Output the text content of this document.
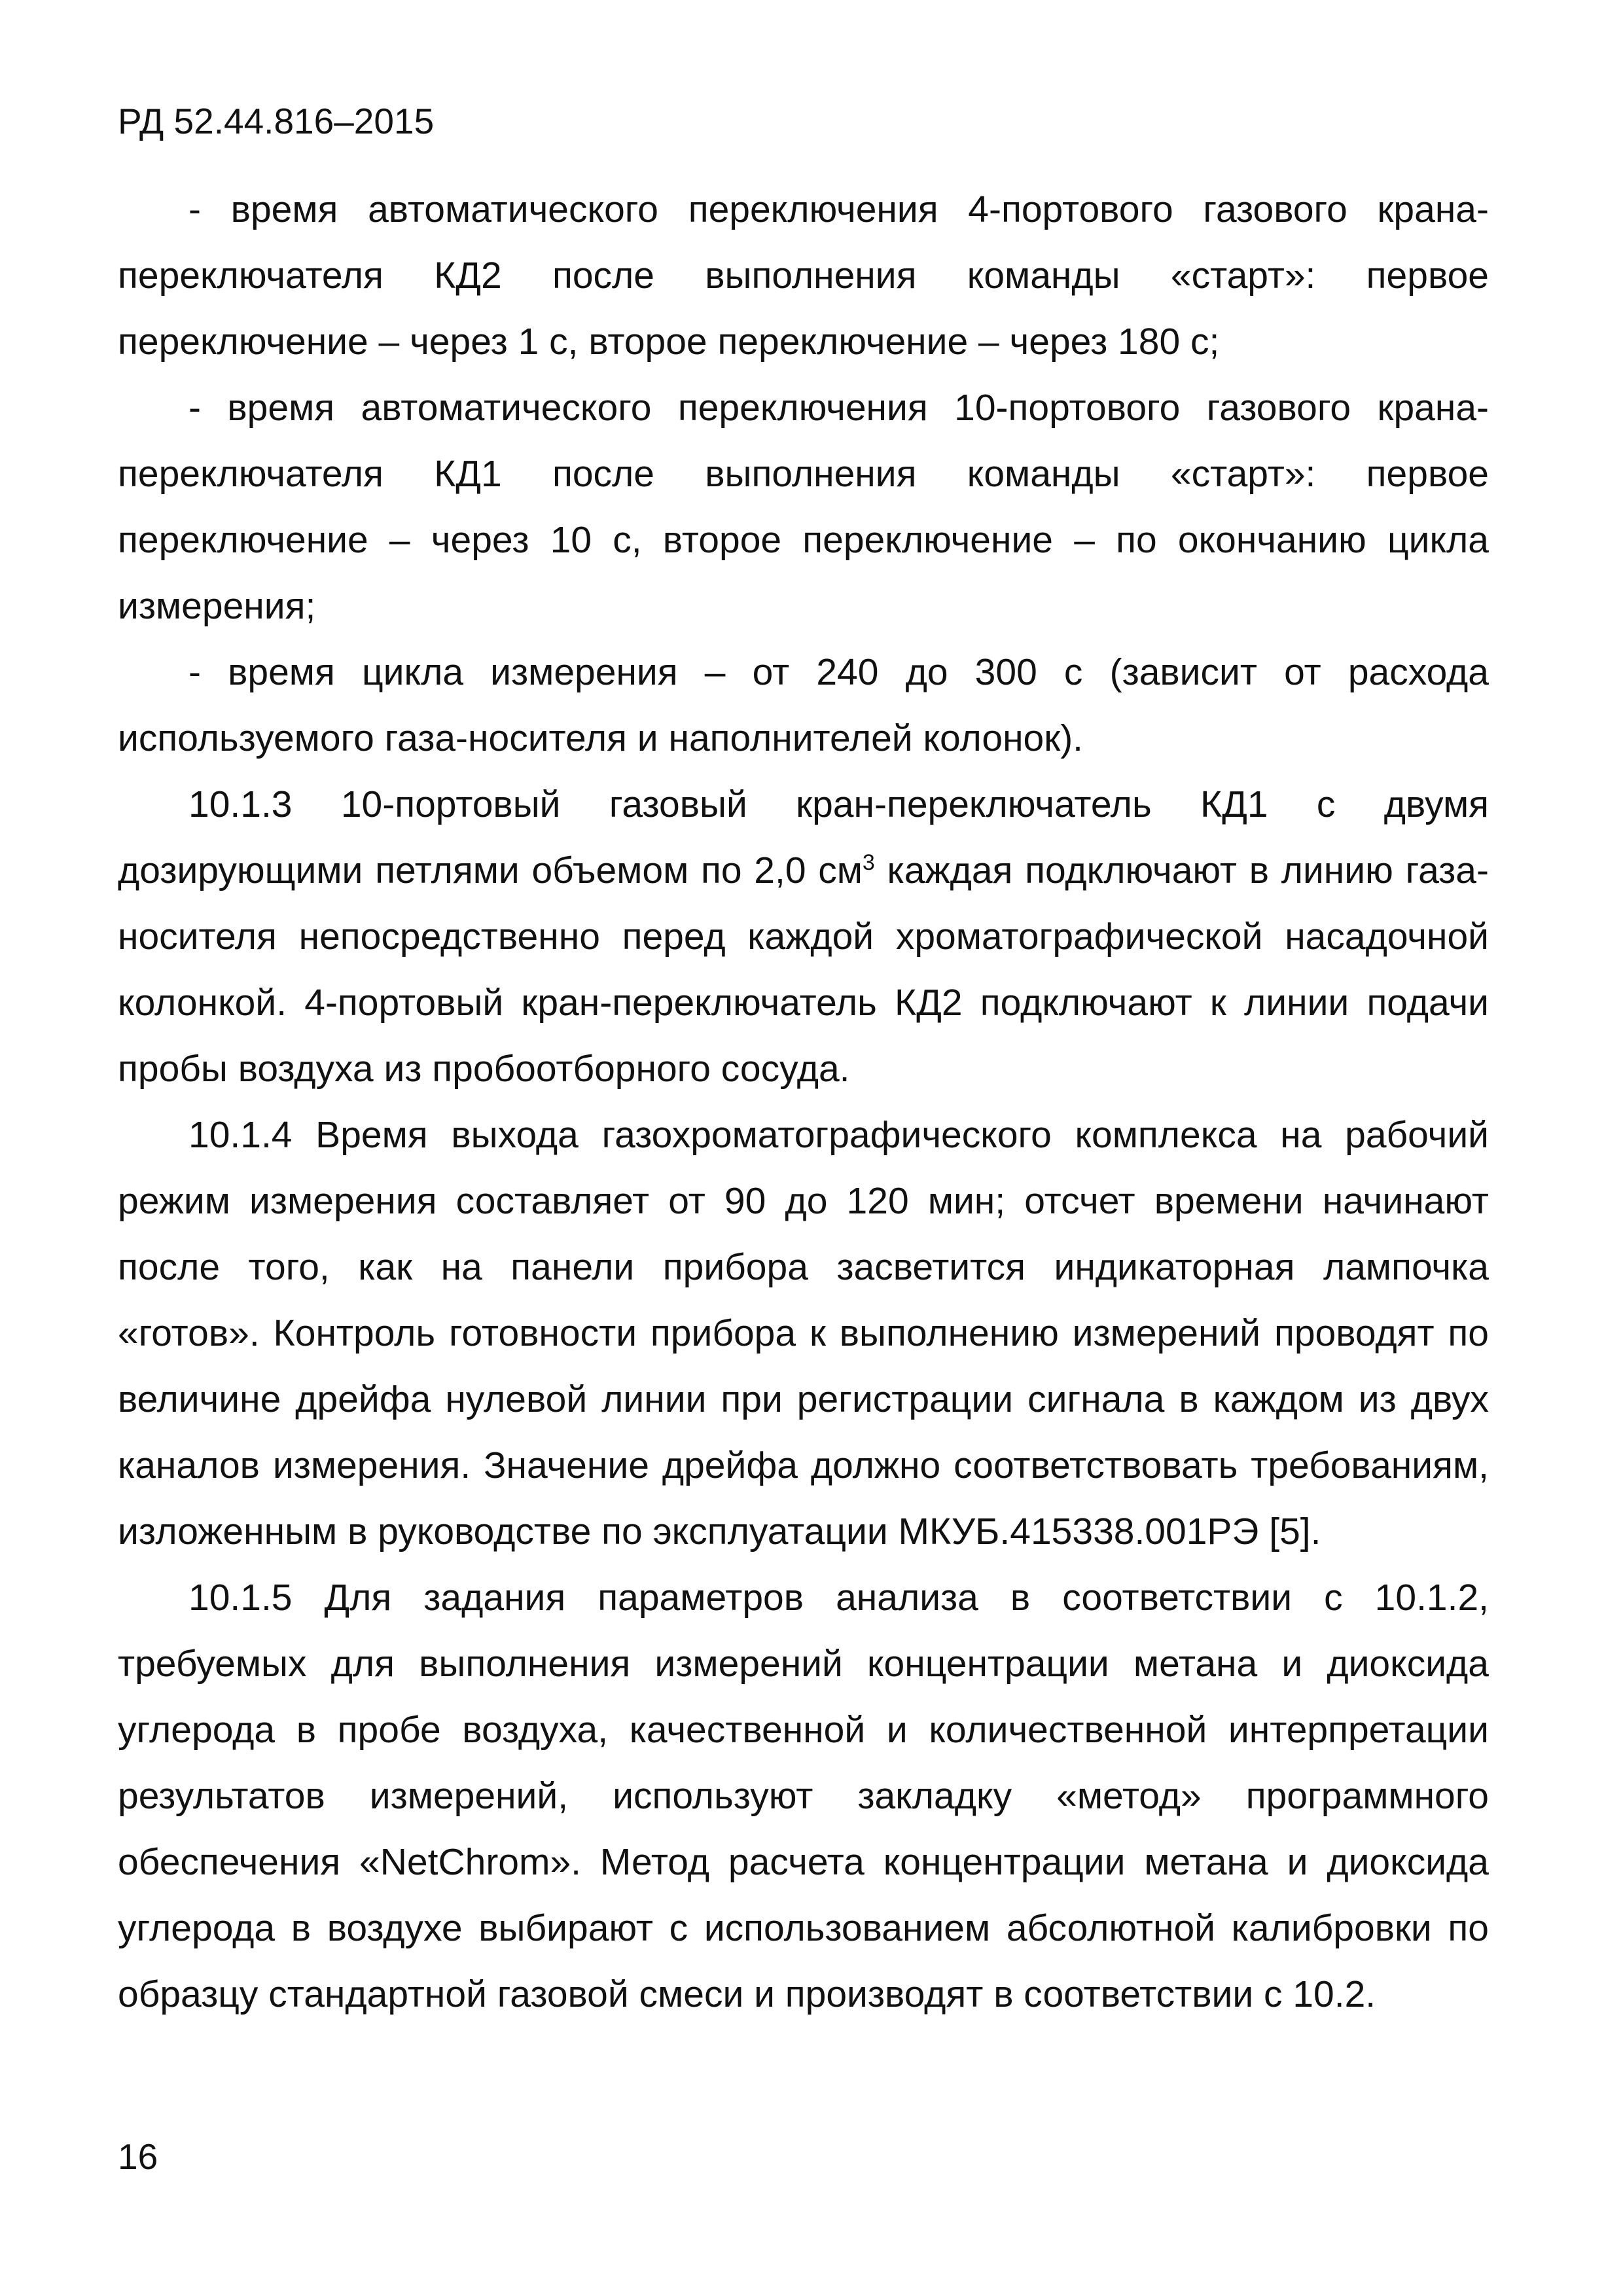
РД 52.44.816–2015

- время автоматического переключения 4-портового газового крана-переключателя КД2 после выполнения команды «старт»: первое переключение – через 1 с, второе переключение – через 180 с;

- время автоматического переключения 10-портового газового крана-переключателя КД1 после выполнения команды «старт»: первое переключение – через 10 с, второе переключение – по окончанию цикла измерения;

- время цикла измерения – от 240 до 300 с (зависит от расхода используемого газа-носителя и наполнителей колонок).

10.1.3 10-портовый газовый кран-переключатель КД1 с двумя дозирующими петлями объемом по 2,0 $см^3$ каждая подключают в линию газа-носителя непосредственно перед каждой хроматографической насадочной колонкой. 4-портовый кран-переключатель КД2 подключают к линии подачи пробы воздуха из пробоотборного сосуда.

10.1.4 Время выхода газохроматографического комплекса на рабочий режим измерения составляет от 90 до 120 мин; отсчет времени начинают после того, как на панели прибора засветится индикаторная лампочка «готов». Контроль готовности прибора к выполнению измерений проводят по величине дрейфа нулевой линии при регистрации сигнала в каждом из двух каналов измерения. Значение дрейфа должно соответствовать требованиям, изложенным в руководстве по эксплуатации МКУБ.415338.001РЭ [5].

10.1.5 Для задания параметров анализа в соответствии с 10.1.2, требуемых для выполнения измерений концентрации метана и диоксида углерода в пробе воздуха, качественной и количественной интерпретации результатов измерений, используют закладку «метод» программного обеспечения «NetChrom». Метод расчета концентрации метана и диоксида углерода в воздухе выбирают с использованием абсолютной калибровки по образцу стандартной газовой смеси и производят в соответствии с 10.2.

16
